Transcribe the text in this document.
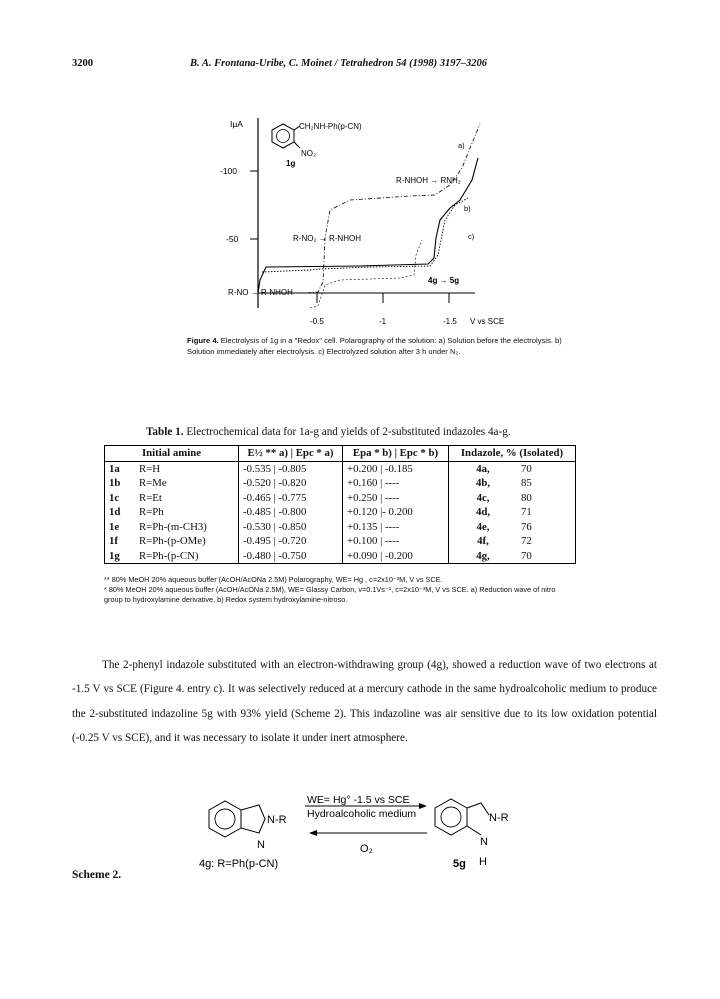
3200	B. A. Frontana-Uribe, C. Moinet / Tetrahedron 54 (1998) 3197–3206
IμA
-100
-50
-0.5	-1	-1.5 V vs SCE
CH₂NH-Ph(p-CN)
NO₂
1g
a)
b)
c)
R-NHOH → RNH₂
R-NO₂ → R-NHOH
R-NO → R-NHOH
4g → 5g
Figure 4. Electrolysis of 1g in a "Redox" cell. Polarography of the solution: a) Solution before the electrolysis. b) Solution immediately after electrolysis. c) Electrolyzed solution after 3 h under N₂.
Table 1. Electrochemical data for 1a-g and yields of 2-substituted indazoles 4a-g.
Initial amine		E½ ** a) | Epc * a)	Epa * b) | Epc * b)	Indazole, % (Isolated)	
1a	R=H	-0.535 | -0.805	+0.200 | -0.185	4a,	70
1b	R=Me	-0.520 | -0.820	+0.160 | ----	4b,	85
1c	R=Et	-0.465 | -0.775	+0.250 | ----	4c,	80
1d	R=Ph	-0.485 | -0.800	+0.120 |- 0.200	4d,	71
1e	R=Ph-(m-CH3)	-0.530 | -0.850	+0.135 | ----	4e,	76
1f	R=Ph-(p-OMe)	-0.495 | -0.720	+0.100 | ----	4f,	72
1g	R=Ph-(p-CN)	-0.480 | -0.750	+0.090 | -0.200	4g,	70
** 80% MeOH 20% aqueous buffer (AcOH/AcONa 2.5M) Polarography, WE= Hg , c=2x10⁻³M, V vs SCE.
* 80% MeOH 20% aqueous buffer (AcOH/AcONa 2.5M), WE= Glassy Carbon, v=0.1Vs⁻¹, c=2x10⁻³M, V vs SCE. a) Reduction wave of nitro group to hydroxylamine derivative. b) Redox system hydroxylamine-nitroso.

The 2-phenyl indazole substituted with an electron-withdrawing group (4g), showed a reduction wave of two electrons at -1.5 V vs SCE (Figure 4. entry c). It was selectively reduced at a mercury cathode in the same hydroalcoholic medium to produce the 2-substituted indazoline 5g with 93% yield (Scheme 2). This indazoline was air sensitive due to its low oxidation potential (-0.25 V vs SCE), and it was necessary to isolate it under inert atmosphere.

N-R
N
WE= Hg° -1.5 vs SCE
Hydroalcoholic medium
O₂
N-R
N
H
4g: R=Ph(p-CN)	5g
Scheme 2.
